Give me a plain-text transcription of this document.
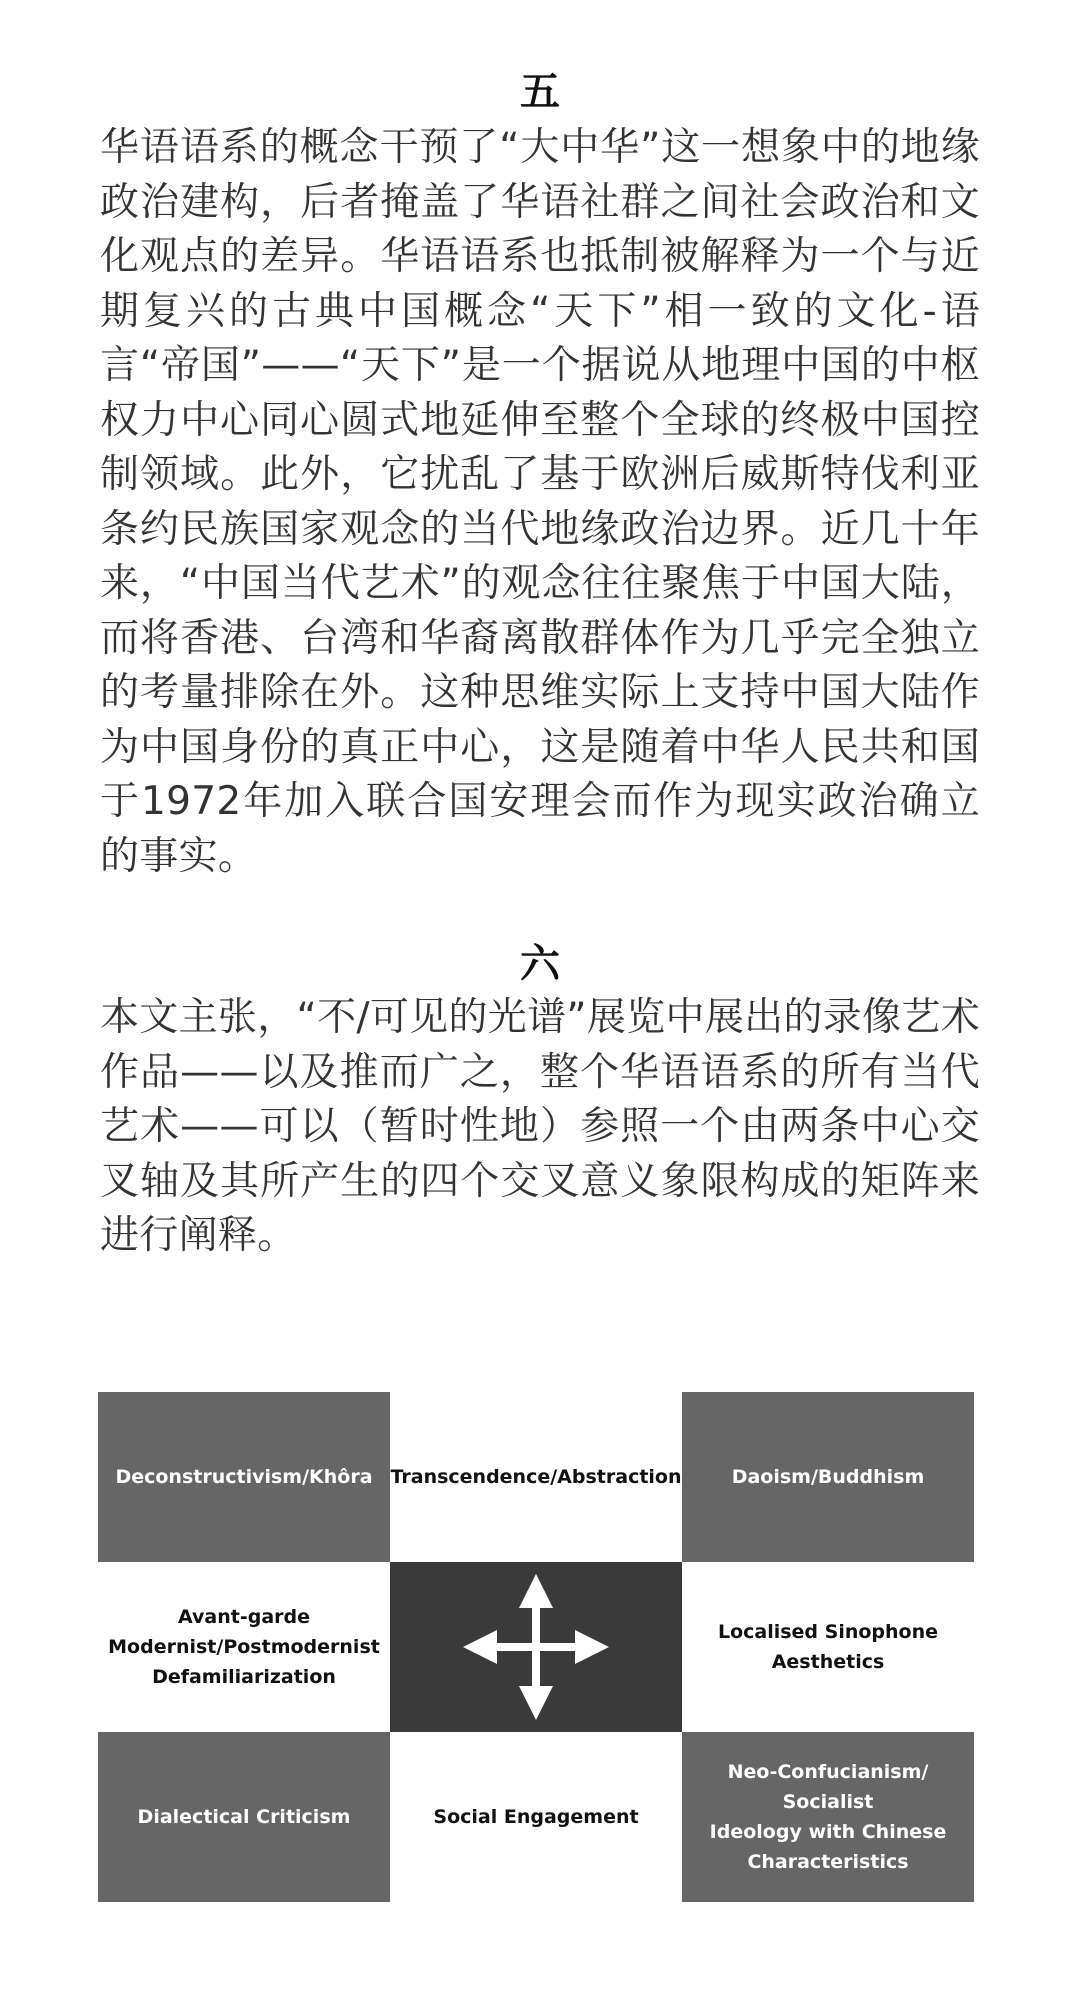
五

华语语系的概念干预了“大中华”这一想象中的地缘政治建构，后者掩盖了华语社群之间社会政治和文化观点的差异。华语语系也抵制被解释为一个与近期复兴的古典中国概念“天下”相一致的文化-语言“帝国”——“天下”是一个据说从地理中国的中枢权力中心同心圆式地延伸至整个全球的终极中国控制领域。此外，它扰乱了基于欧洲后威斯特伐利亚条约民族国家观念的当代地缘政治边界。近几十年来，“中国当代艺术”的观念往往聚焦于中国大陆，而将香港、台湾和华裔离散群体作为几乎完全独立的考量排除在外。这种思维实际上支持中国大陆作为中国身份的真正中心，这是随着中华人民共和国于1972年加入联合国安理会而作为现实政治确立的事实。

六

本文主张，“不/可见的光谱”展览中展出的录像艺术作品——以及推而广之，整个华语语系的所有当代艺术——可以（暂时性地）参照一个由两条中心交叉轴及其所产生的四个交叉意义象限构成的矩阵来进行阐释。

Deconstructivism/Khôra Transcendence/Abstraction	Daoism/Buddhism
Avant-garde
Modernist/Postmodernist
Defamiliarization
Localised Sinophone
Aesthetics
Dialectical Criticism	Social Engagement
Neo-Confucianism/ Socialist
Ideology with Chinese
Characteristics
